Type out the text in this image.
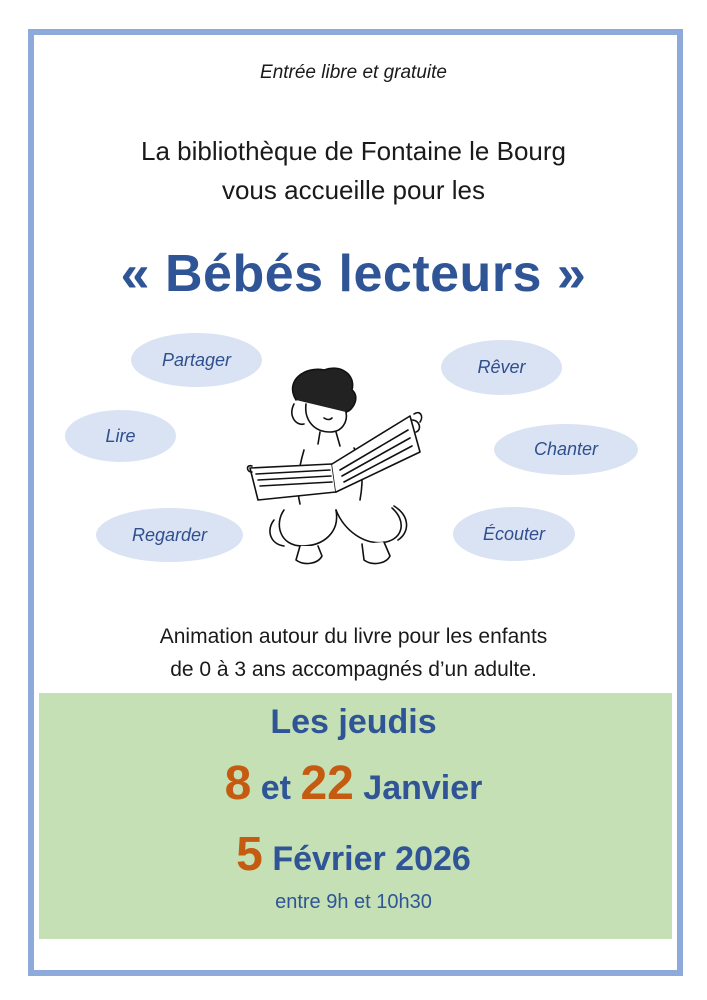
Entrée libre et gratuite
La bibliothèque de Fontaine le Bourg
vous accueille pour les
« Bébés lecteurs »
Partager	Rêver
Lire
Chanter
Regarder	Écouter
Animation autour du livre pour les enfants
de 0 à 3 ans accompagnés d’un adulte.
Les jeudis
8 et 22 Janvier
5 Février 2026
entre 9h et 10h30
